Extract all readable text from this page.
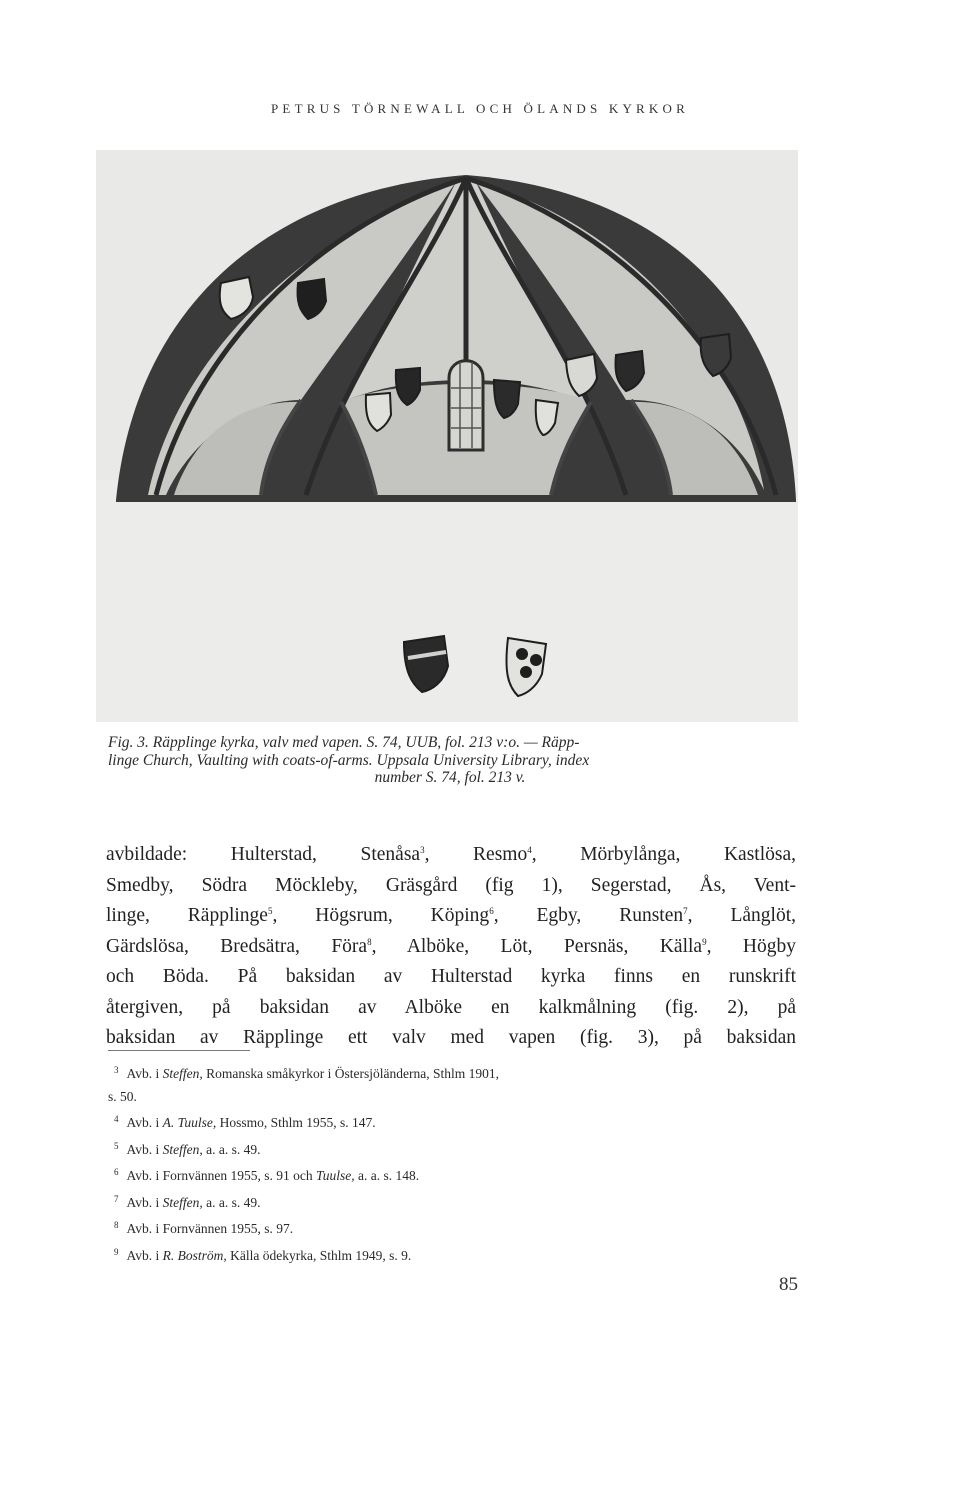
PETRUS TÖRNEWALL OCH ÖLANDS KYRKOR
Fig. 3. Räpplinge kyrka, valv med vapen. S. 74, UUB, fol. 213 v:o. — Räpp-
linge Church, Vaulting with coats-of-arms. Uppsala University Library, index
number S. 74, fol. 213 v.
avbildade: Hulterstad, Stenåsa$^3$, Resmo$^4$, Mörbylånga, Kastlösa,
Smedby, Södra Möckleby, Gräsgård (fig 1), Segerstad, Ås, Vent-
linge, Räpplinge$^5$, Högsrum, Köping$^6$, Egby, Runsten$^7$, Långlöt,
Gärdslösa, Bredsätra, Föra$^8$, Alböke, Löt, Persnäs, Källa$^9$, Högby
och Böda. På baksidan av Hulterstad kyrka finns en runskrift
återgiven, på baksidan av Alböke en kalkmålning (fig. 2), på
baksidan av Räpplinge ett valv med vapen (fig. 3), på baksidan
$^3$ Avb. i Steffen, Romanska småkyrkor i Östersjöländerna, Sthlm 1901,
s. 50.
$^4$ Avb. i A. Tuulse, Hossmo, Sthlm 1955, s. 147.
$^5$ Avb. i Steffen, a. a. s. 49.
$^6$ Avb. i Fornvännen 1955, s. 91 och Tuulse, a. a. s. 148.
$^7$ Avb. i Steffen, a. a. s. 49.
$^8$ Avb. i Fornvännen 1955, s. 97.
$^9$ Avb. i R. Boström, Källa ödekyrka, Sthlm 1949, s. 9.
85
